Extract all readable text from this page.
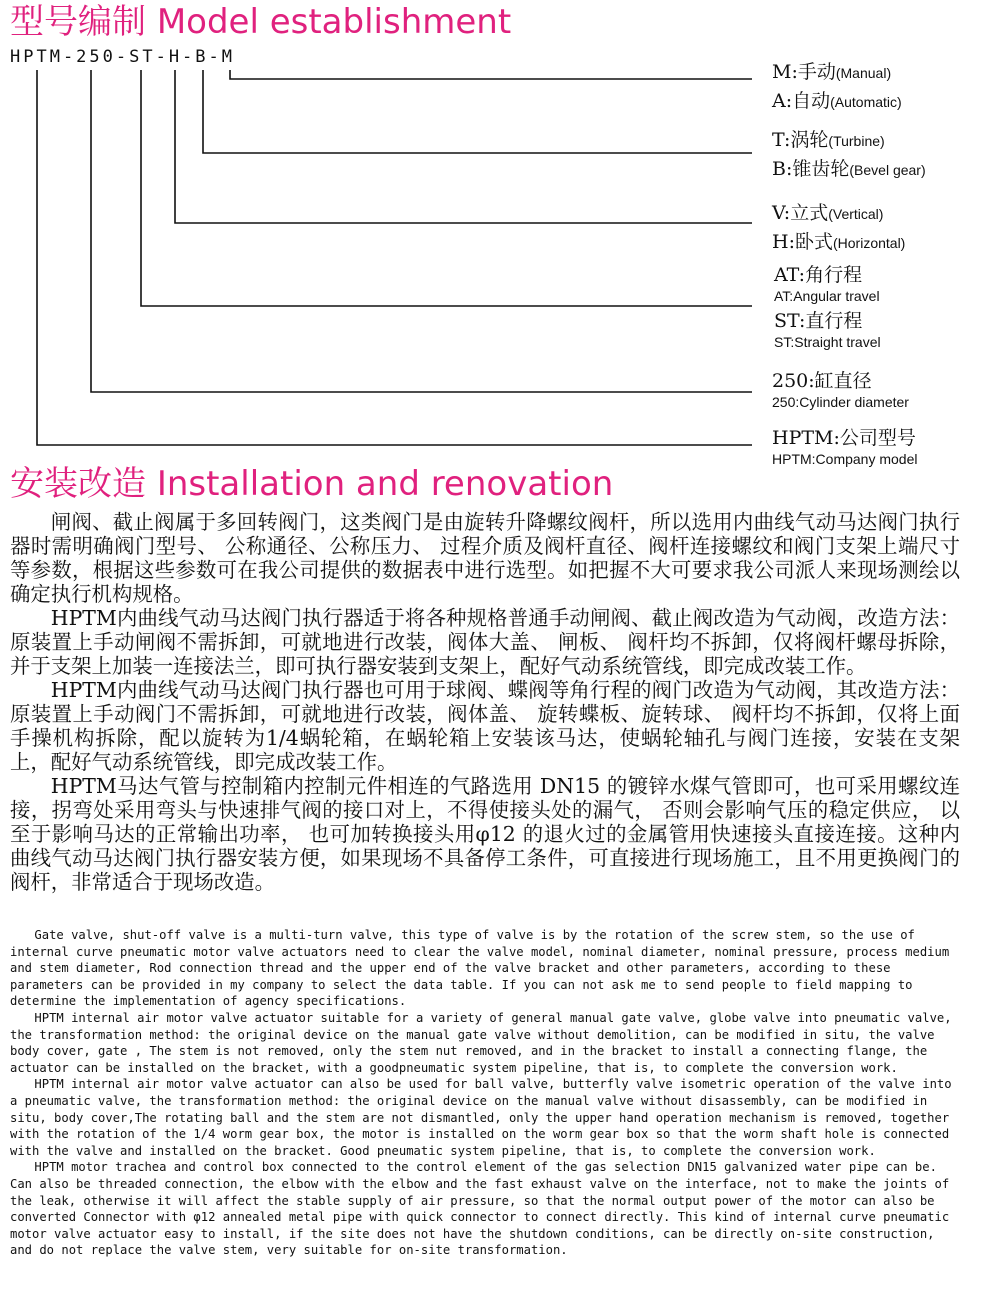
型号编制 Model establishment
HPTM-250-ST-H-B-M
M:手动(Manual)
A:自动(Automatic)
T:涡轮(Turbine)
B:锥齿轮(Bevel gear)
V:立式(Vertical)
H:卧式(Horizontal)
AT:角行程
AT:Angular travel
ST:直行程
ST:Straight travel
250:缸直径
250:Cylinder diameter
HPTM:公司型号
HPTM:Company model
安装改造 Installation and renovation

闸阀、截止阀属于多回转阀门，这类阀门是由旋转升降螺纹阀杆，所以选用内曲线气动马达阀门执行器时需明确阀门型号、 公称通径、公称压力、 过程介质及阀杆直径、阀杆连接螺纹和阀门支架上端尺寸等参数，根据这些参数可在我公司提供的数据表中进行选型。如把握不大可要求我公司派人来现场测绘以确定执行机构规格。

HPTM内曲线气动马达阀门执行器适于将各种规格普通手动闸阀、截止阀改造为气动阀，改造方法：原装置上手动闸阀不需拆卸，可就地进行改装，阀体大盖、 闸板、 阀杆均不拆卸，仅将阀杆螺母拆除，并于支架上加装一连接法兰，即可执行器安装到支架上，配好气动系统管线，即完成改装工作。

HPTM内曲线气动马达阀门执行器也可用于球阀、蝶阀等角行程的阀门改造为气动阀，其改造方法：原装置上手动阀门不需拆卸，可就地进行改装，阀体盖、 旋转蝶板、旋转球、 阀杆均不拆卸，仅将上面手操机构拆除，配以旋转为1/4蜗轮箱，在蜗轮箱上安装该马达，使蜗轮轴孔与阀门连接，安装在支架上，配好气动系统管线，即完成改装工作。

HPTM马达气管与控制箱内控制元件相连的气路选用 DN15 的镀锌水煤气管即可，也可采用螺纹连接，拐弯处采用弯头与快速排气阀的接口对上，不得使接头处的漏气， 否则会影响气压的稳定供应， 以至于影响马达的正常输出功率， 也可加转换接头用φ12 的退火过的金属管用快速接头直接连接。这种内曲线气动马达阀门执行器安装方便，如果现场不具备停工条件，可直接进行现场施工，且不用更换阀门的阀杆，非常适合于现场改造。

Gate valve, shut-off valve is a multi-turn valve, this type of valve is by the rotation of the screw stem, so the use of internal curve pneumatic motor valve actuators need to clear the valve model, nominal diameter, nominal pressure, process medium and stem diameter, Rod connection thread and the upper end of the valve bracket and other parameters, according to these parameters can be provided in my company to select the data table. If you can not ask me to send people to field mapping to determine the implementation of agency specifications.

HPTM internal air motor valve actuator suitable for a variety of general manual gate valve, globe valve into pneumatic valve, the transformation method: the original device on the manual gate valve without demolition, can be modified in situ, the valve body cover, gate , The stem is not removed, only the stem nut removed, and in the bracket to install a connecting flange, the actuator can be installed on the bracket, with a goodpneumatic system pipeline, that is, to complete the conversion work.

HPTM internal air motor valve actuator can also be used for ball valve, butterfly valve isometric operation of the valve into a pneumatic valve, the transformation method: the original device on the manual valve without disassembly, can be modified in situ, body cover,The rotating ball and the stem are not dismantled, only the upper hand operation mechanism is removed, together with the rotation of the 1/4 worm gear box, the motor is installed on the worm gear box so that the worm shaft hole is connected with the valve and installed on the bracket. Good pneumatic system pipeline, that is, to complete the conversion work.

HPTM motor trachea and control box connected to the control element of the gas selection DN15 galvanized water pipe can be. Can also be threaded connection, the elbow with the elbow and the fast exhaust valve on the interface, not to make the joints of the leak, otherwise it will affect the stable supply of air pressure, so that the normal output power of the motor can also be converted Connector with φ12 annealed metal pipe with quick connector to connect directly. This kind of internal curve pneumatic motor valve actuator easy to install, if the site does not have the shutdown conditions, can be directly on-site construction, and do not replace the valve stem, very suitable for on-site transformation.
